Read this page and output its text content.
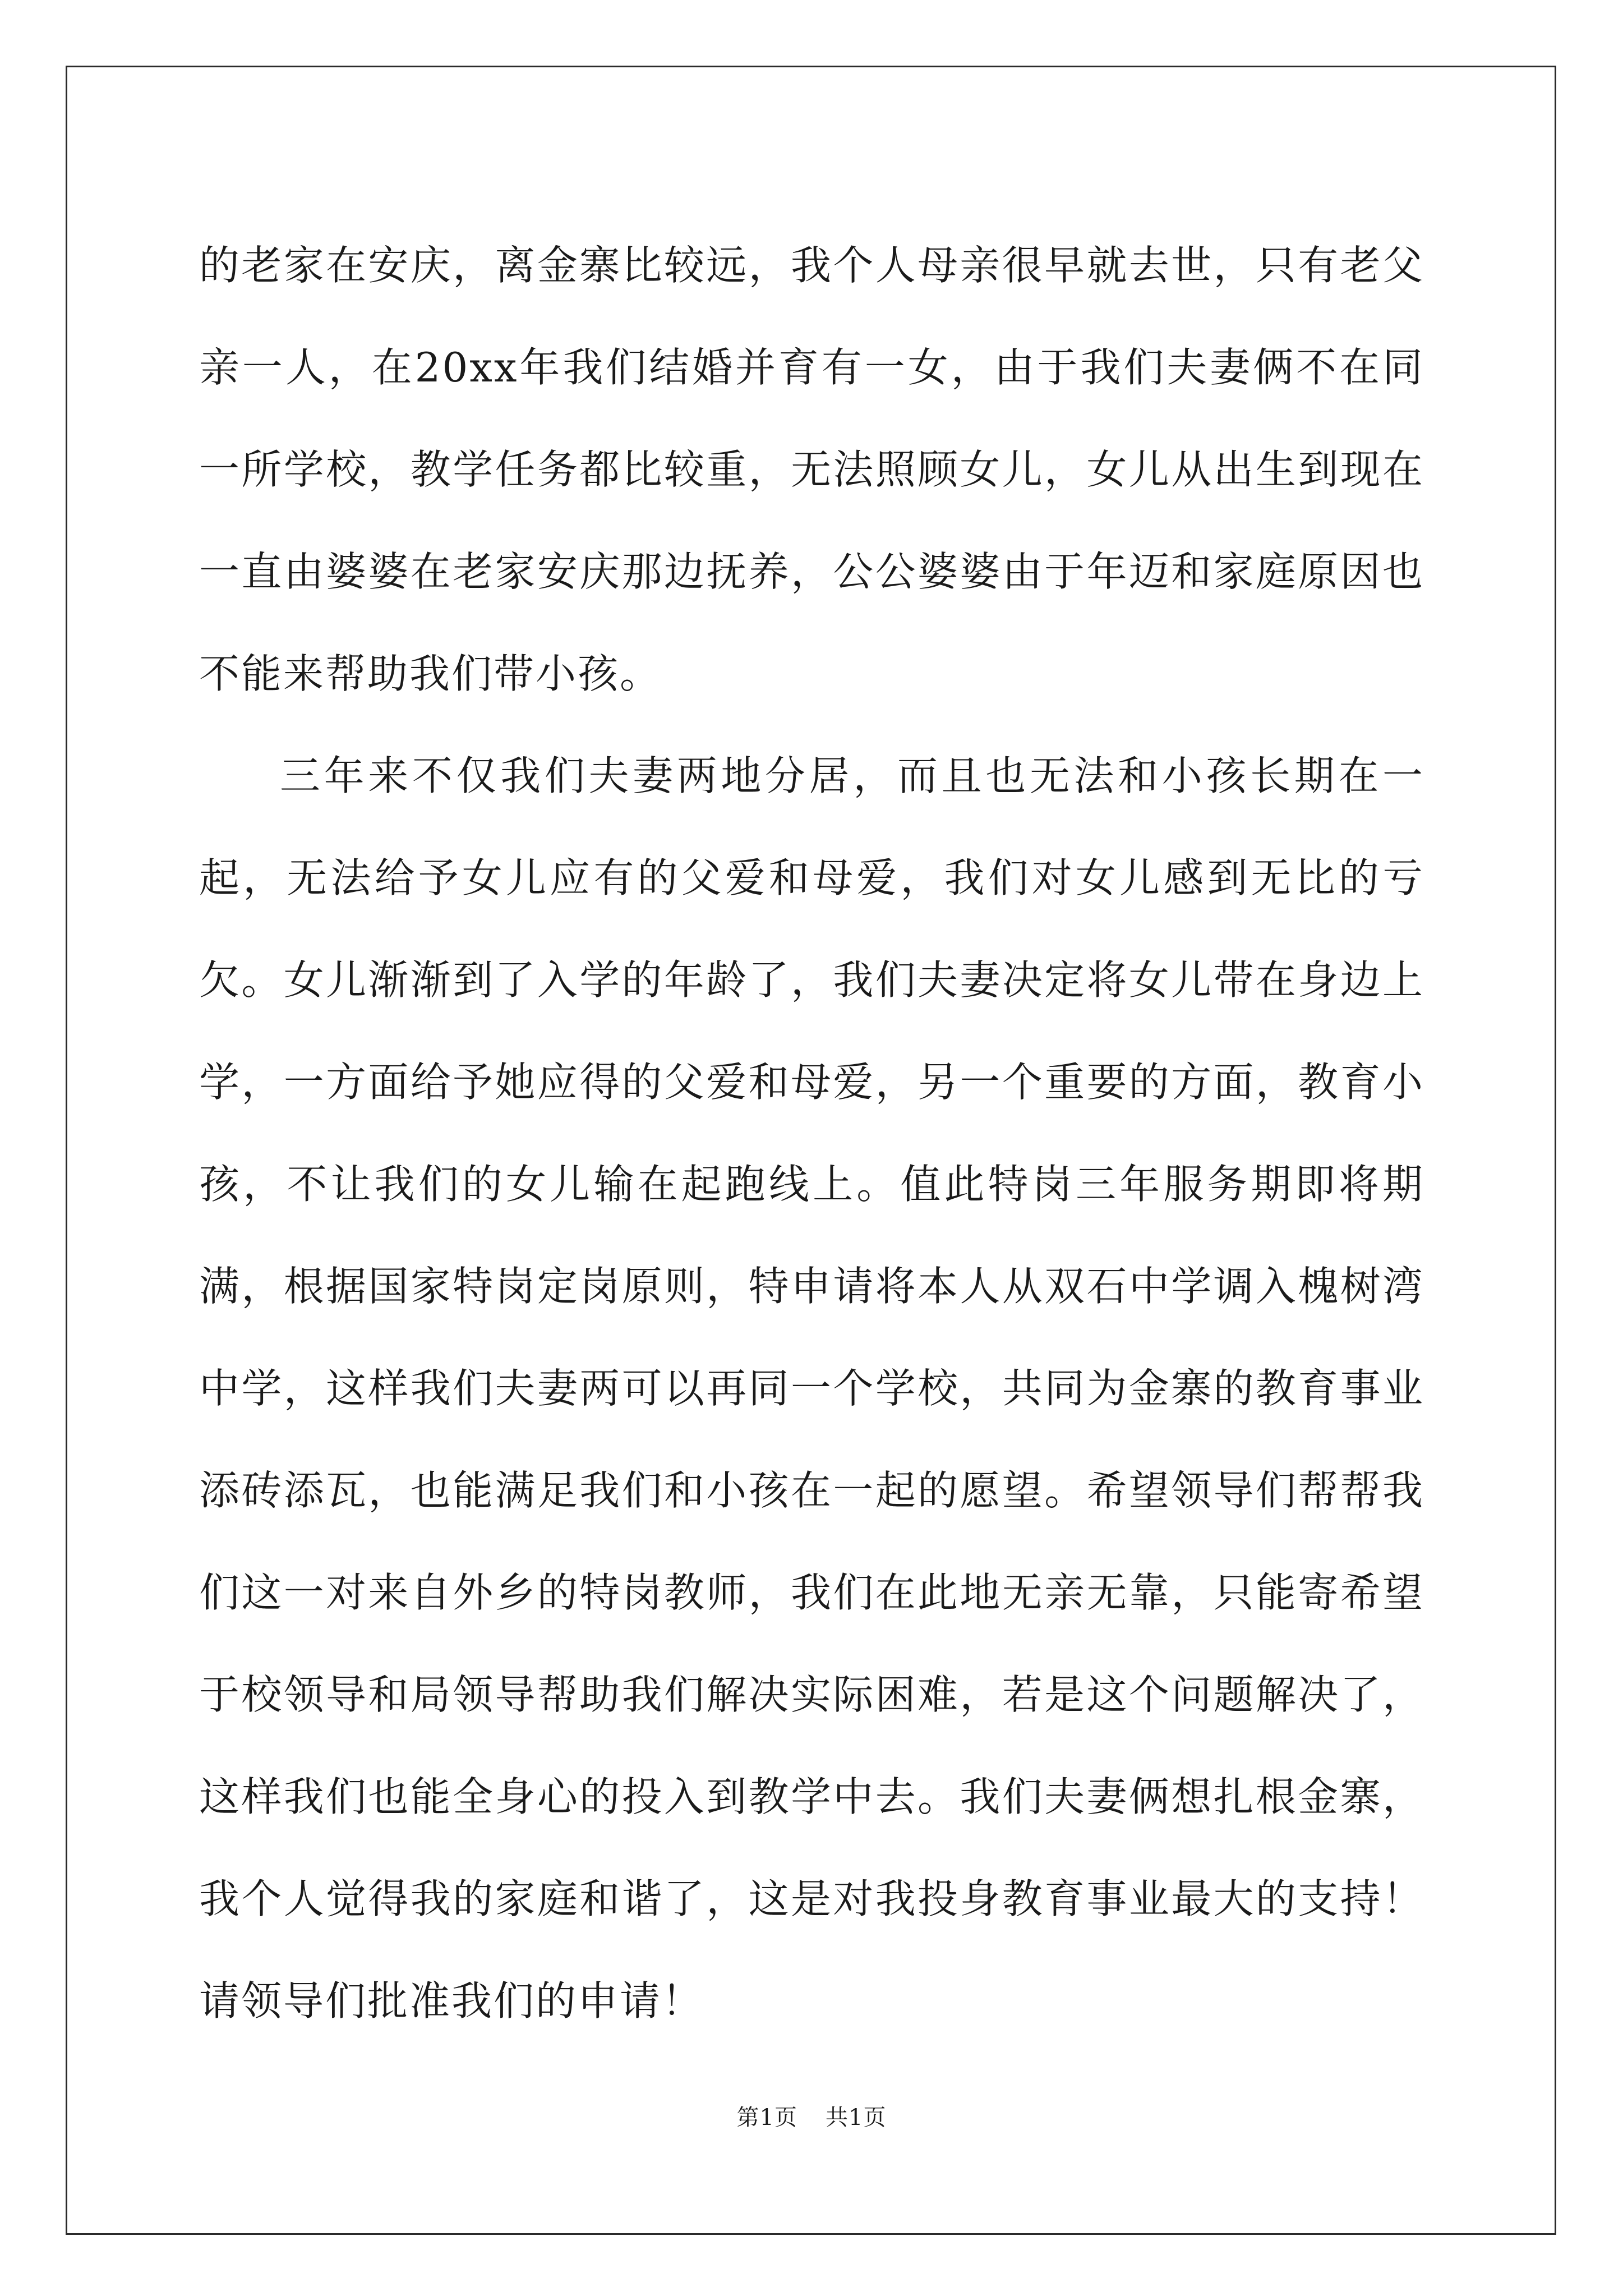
的老家在安庆，离金寨比较远，我个人母亲很早就去世，只有老父亲一人，在20xx年我们结婚并育有一女，由于我们夫妻俩不在同一所学校，教学任务都比较重，无法照顾女儿，女儿从出生到现在一直由婆婆在老家安庆那边抚养，公公婆婆由于年迈和家庭原因也不能来帮助我们带小孩。

三年来不仅我们夫妻两地分居，而且也无法和小孩长期在一起，无法给予女儿应有的父爱和母爱，我们对女儿感到无比的亏欠。女儿渐渐到了入学的年龄了，我们夫妻决定将女儿带在身边上学，一方面给予她应得的父爱和母爱，另一个重要的方面，教育小孩，不让我们的女儿输在起跑线上。值此特岗三年服务期即将期满，根据国家特岗定岗原则，特申请将本人从双石中学调入槐树湾中学，这样我们夫妻两可以再同一个学校，共同为金寨的教育事业添砖添瓦，也能满足我们和小孩在一起的愿望。希望领导们帮帮我们这一对来自外乡的特岗教师，我们在此地无亲无靠，只能寄希望于校领导和局领导帮助我们解决实际困难，若是这个问题解决了，这样我们也能全身心的投入到教学中去。我们夫妻俩想扎根金寨，我个人觉得我的家庭和谐了，这是对我投身教育事业最大的支持！请领导们批准我们的申请！

第1页 共1页
